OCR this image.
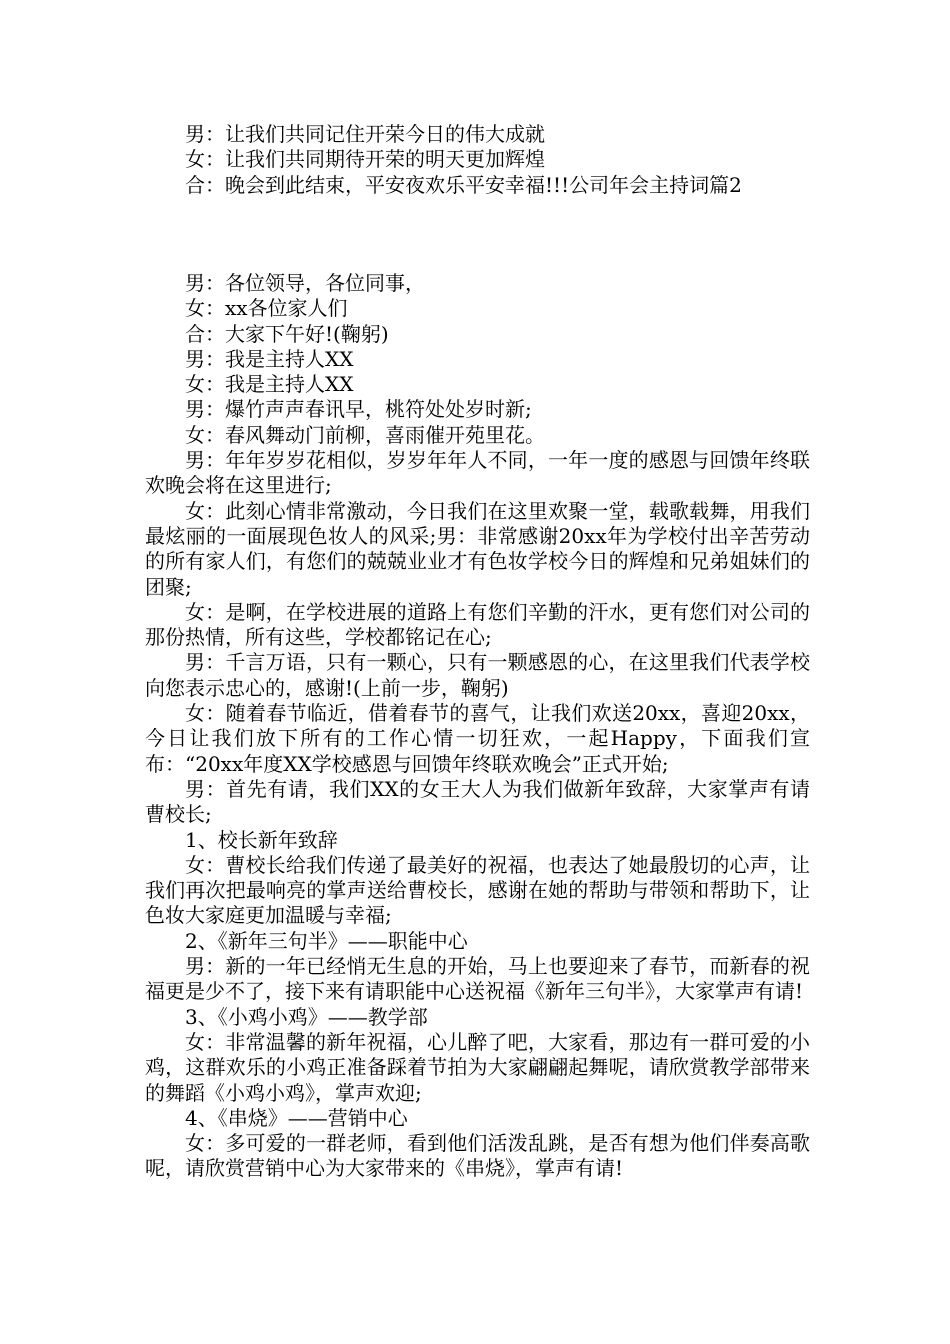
男：让我们共同记住开荣今日的伟大成就

女：让我们共同期待开荣的明天更加辉煌

合：晚会到此结束，平安夜欢乐平安幸福!!!公司年会主持词篇2

男：各位领导，各位同事，

女：xx各位家人们

合：大家下午好!(鞠躬)

男：我是主持人XX

女：我是主持人XX

男：爆竹声声春讯早，桃符处处岁时新;

女：春风舞动门前柳，喜雨催开苑里花。

男：年年岁岁花相似，岁岁年年人不同，一年一度的感恩与回馈年终联欢晚会将在这里进行;

女：此刻心情非常激动，今日我们在这里欢聚一堂，载歌载舞，用我们最炫丽的一面展现色妆人的风采;男：非常感谢20xx年为学校付出辛苦劳动的所有家人们，有您们的兢兢业业才有色妆学校今日的辉煌和兄弟姐妹们的团聚;

女：是啊，在学校进展的道路上有您们辛勤的汗水，更有您们对公司的那份热情，所有这些，学校都铭记在心;

男：千言万语，只有一颗心，只有一颗感恩的心，在这里我们代表学校向您表示忠心的，感谢!(上前一步，鞠躬)

女：随着春节临近，借着春节的喜气，让我们欢送20xx，喜迎20xx，今日让我们放下所有的工作心情一切狂欢，一起Happy，下面我们宣布：“20xx年度XX学校感恩与回馈年终联欢晚会”正式开始;

男：首先有请，我们XX的女王大人为我们做新年致辞，大家掌声有请曹校长;

1、校长新年致辞

女：曹校长给我们传递了最美好的祝福，也表达了她最殷切的心声，让我们再次把最响亮的掌声送给曹校长，感谢在她的帮助与带领和帮助下，让色妆大家庭更加温暖与幸福;

2、《新年三句半》——职能中心

男：新的一年已经悄无生息的开始，马上也要迎来了春节，而新春的祝福更是少不了，接下来有请职能中心送祝福《新年三句半》，大家掌声有请!

3、《小鸡小鸡》——教学部

女：非常温馨的新年祝福，心儿醉了吧，大家看，那边有一群可爱的小鸡，这群欢乐的小鸡正准备踩着节拍为大家翩翩起舞呢，请欣赏教学部带来的舞蹈《小鸡小鸡》，掌声欢迎;

4、《串烧》——营销中心

女：多可爱的一群老师，看到他们活泼乱跳，是否有想为他们伴奏高歌呢，请欣赏营销中心为大家带来的《串烧》，掌声有请!
